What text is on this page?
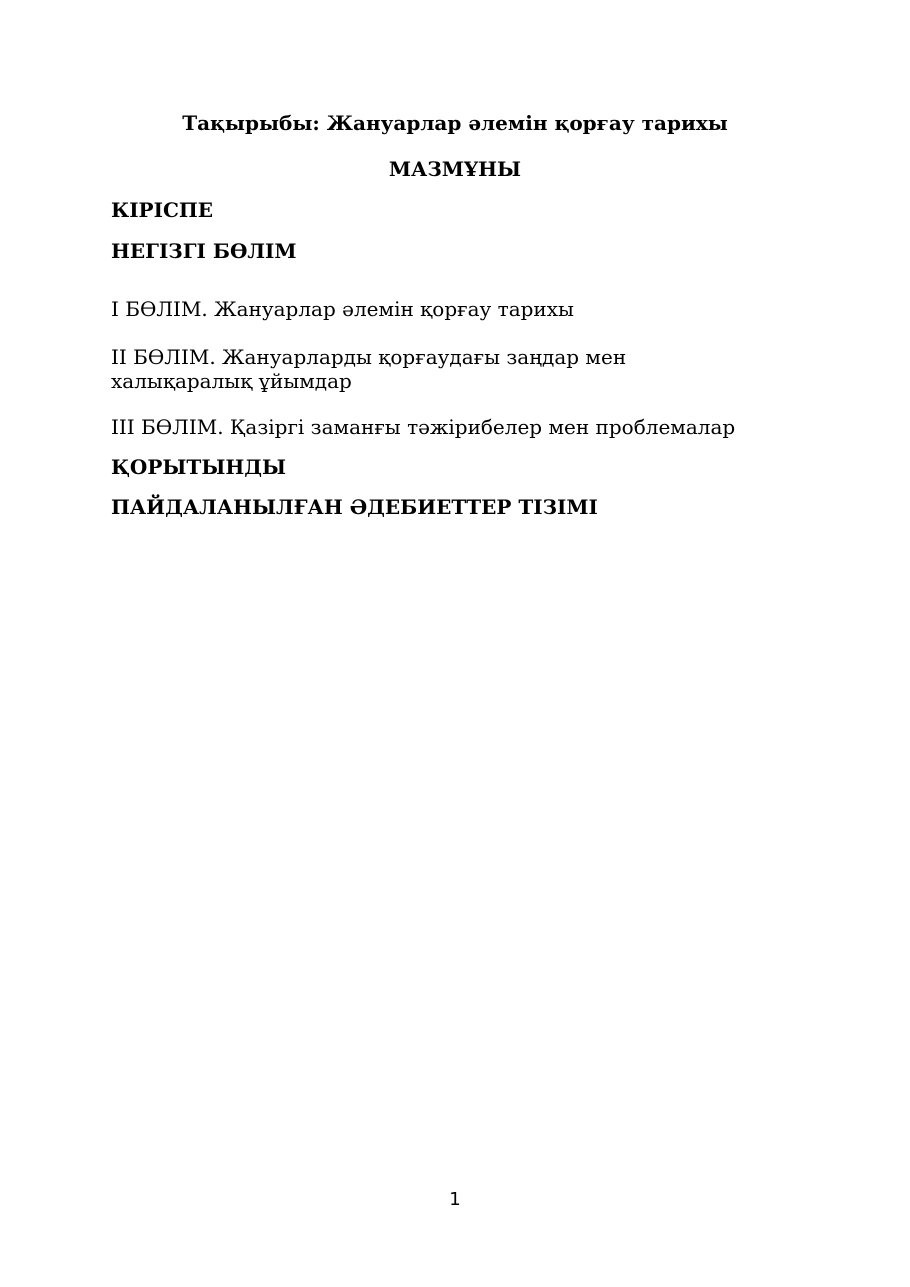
Тақырыбы: Жануарлар әлемін қорғау тарихы
МАЗМҰНЫ
КІРІСПЕ
НЕГІЗГІ БӨЛІМ
I БӨЛІМ. Жануарлар әлемін қорғау тарихы
II БӨЛІМ. Жануарларды қорғаудағы заңдар мен халықаралық ұйымдар
III БӨЛІМ. Қазіргі заманғы тәжірибелер мен проблемалар
ҚОРЫТЫНДЫ
ПАЙДАЛАНЫЛҒАН ӘДЕБИЕТТЕР ТІЗІМІ
1
